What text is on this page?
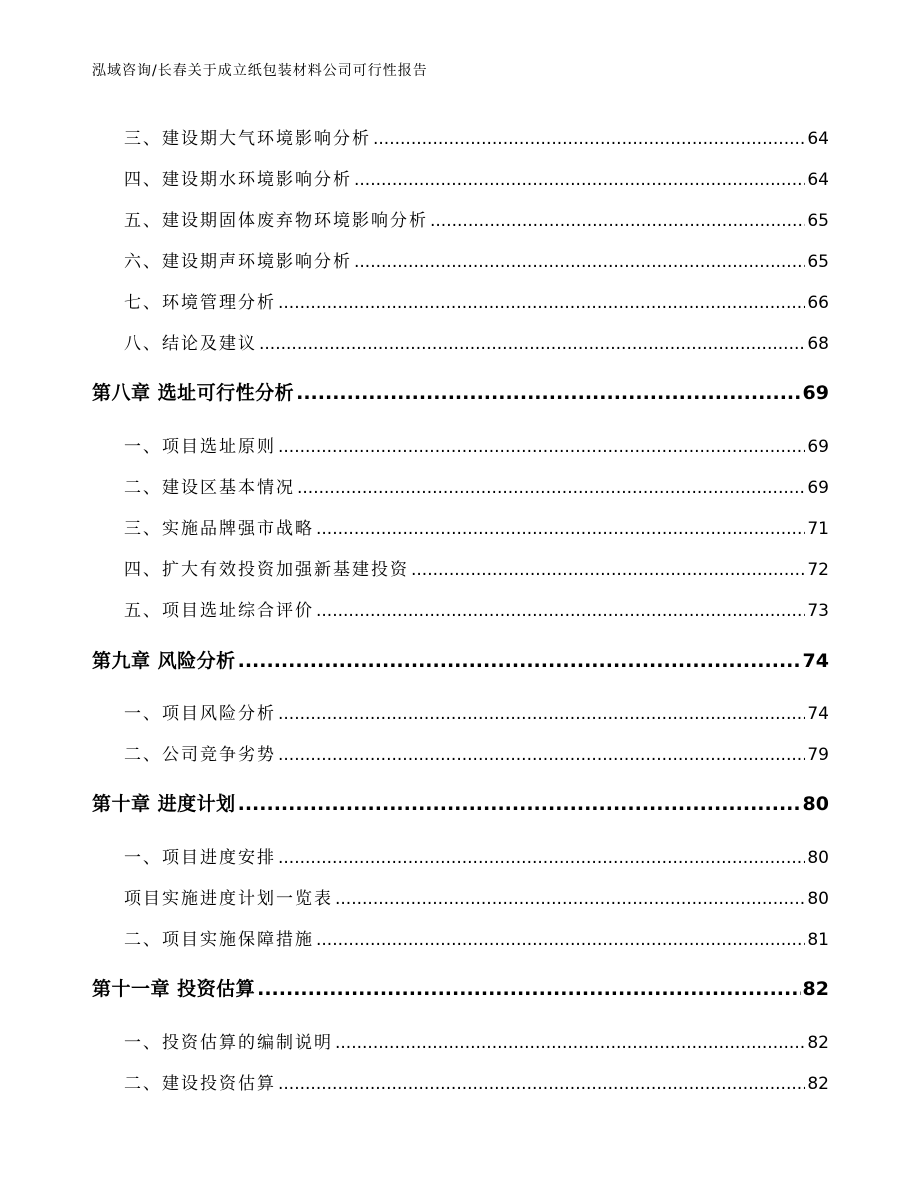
泓域咨询/长春关于成立纸包装材料公司可行性报告
三、 建设期大气环境影响分析 .....	64
四、 建设期水环境影响分析 .....	64
五、 建设期固体废弃物环境影响分析 .....	65
六、 建设期声环境影响分析 .....	65
七、 环境管理分析 .....	66
八、 结论及建议 .....	68
第八章 选址可行性分析 .....	69
一、 项目选址原则 .....	69
二、 建设区基本情况 .....	69
三、 实施品牌强市战略 .....	71
四、 扩大有效投资加强新基建投资 .....	72
五、 项目选址综合评价 .....	73
第九章 风险分析 .....	74
一、 项目风险分析 .....	74
二、 公司竞争劣势 .....	79
第十章 进度计划 .....	80
一、 项目进度安排 .....	80
项目实施进度计划一览表 .....	80
二、 项目实施保障措施 .....	81
第十一章 投资估算 .....	82
一、 投资估算的编制说明 .....	82
二、 建设投资估算 .....	82
